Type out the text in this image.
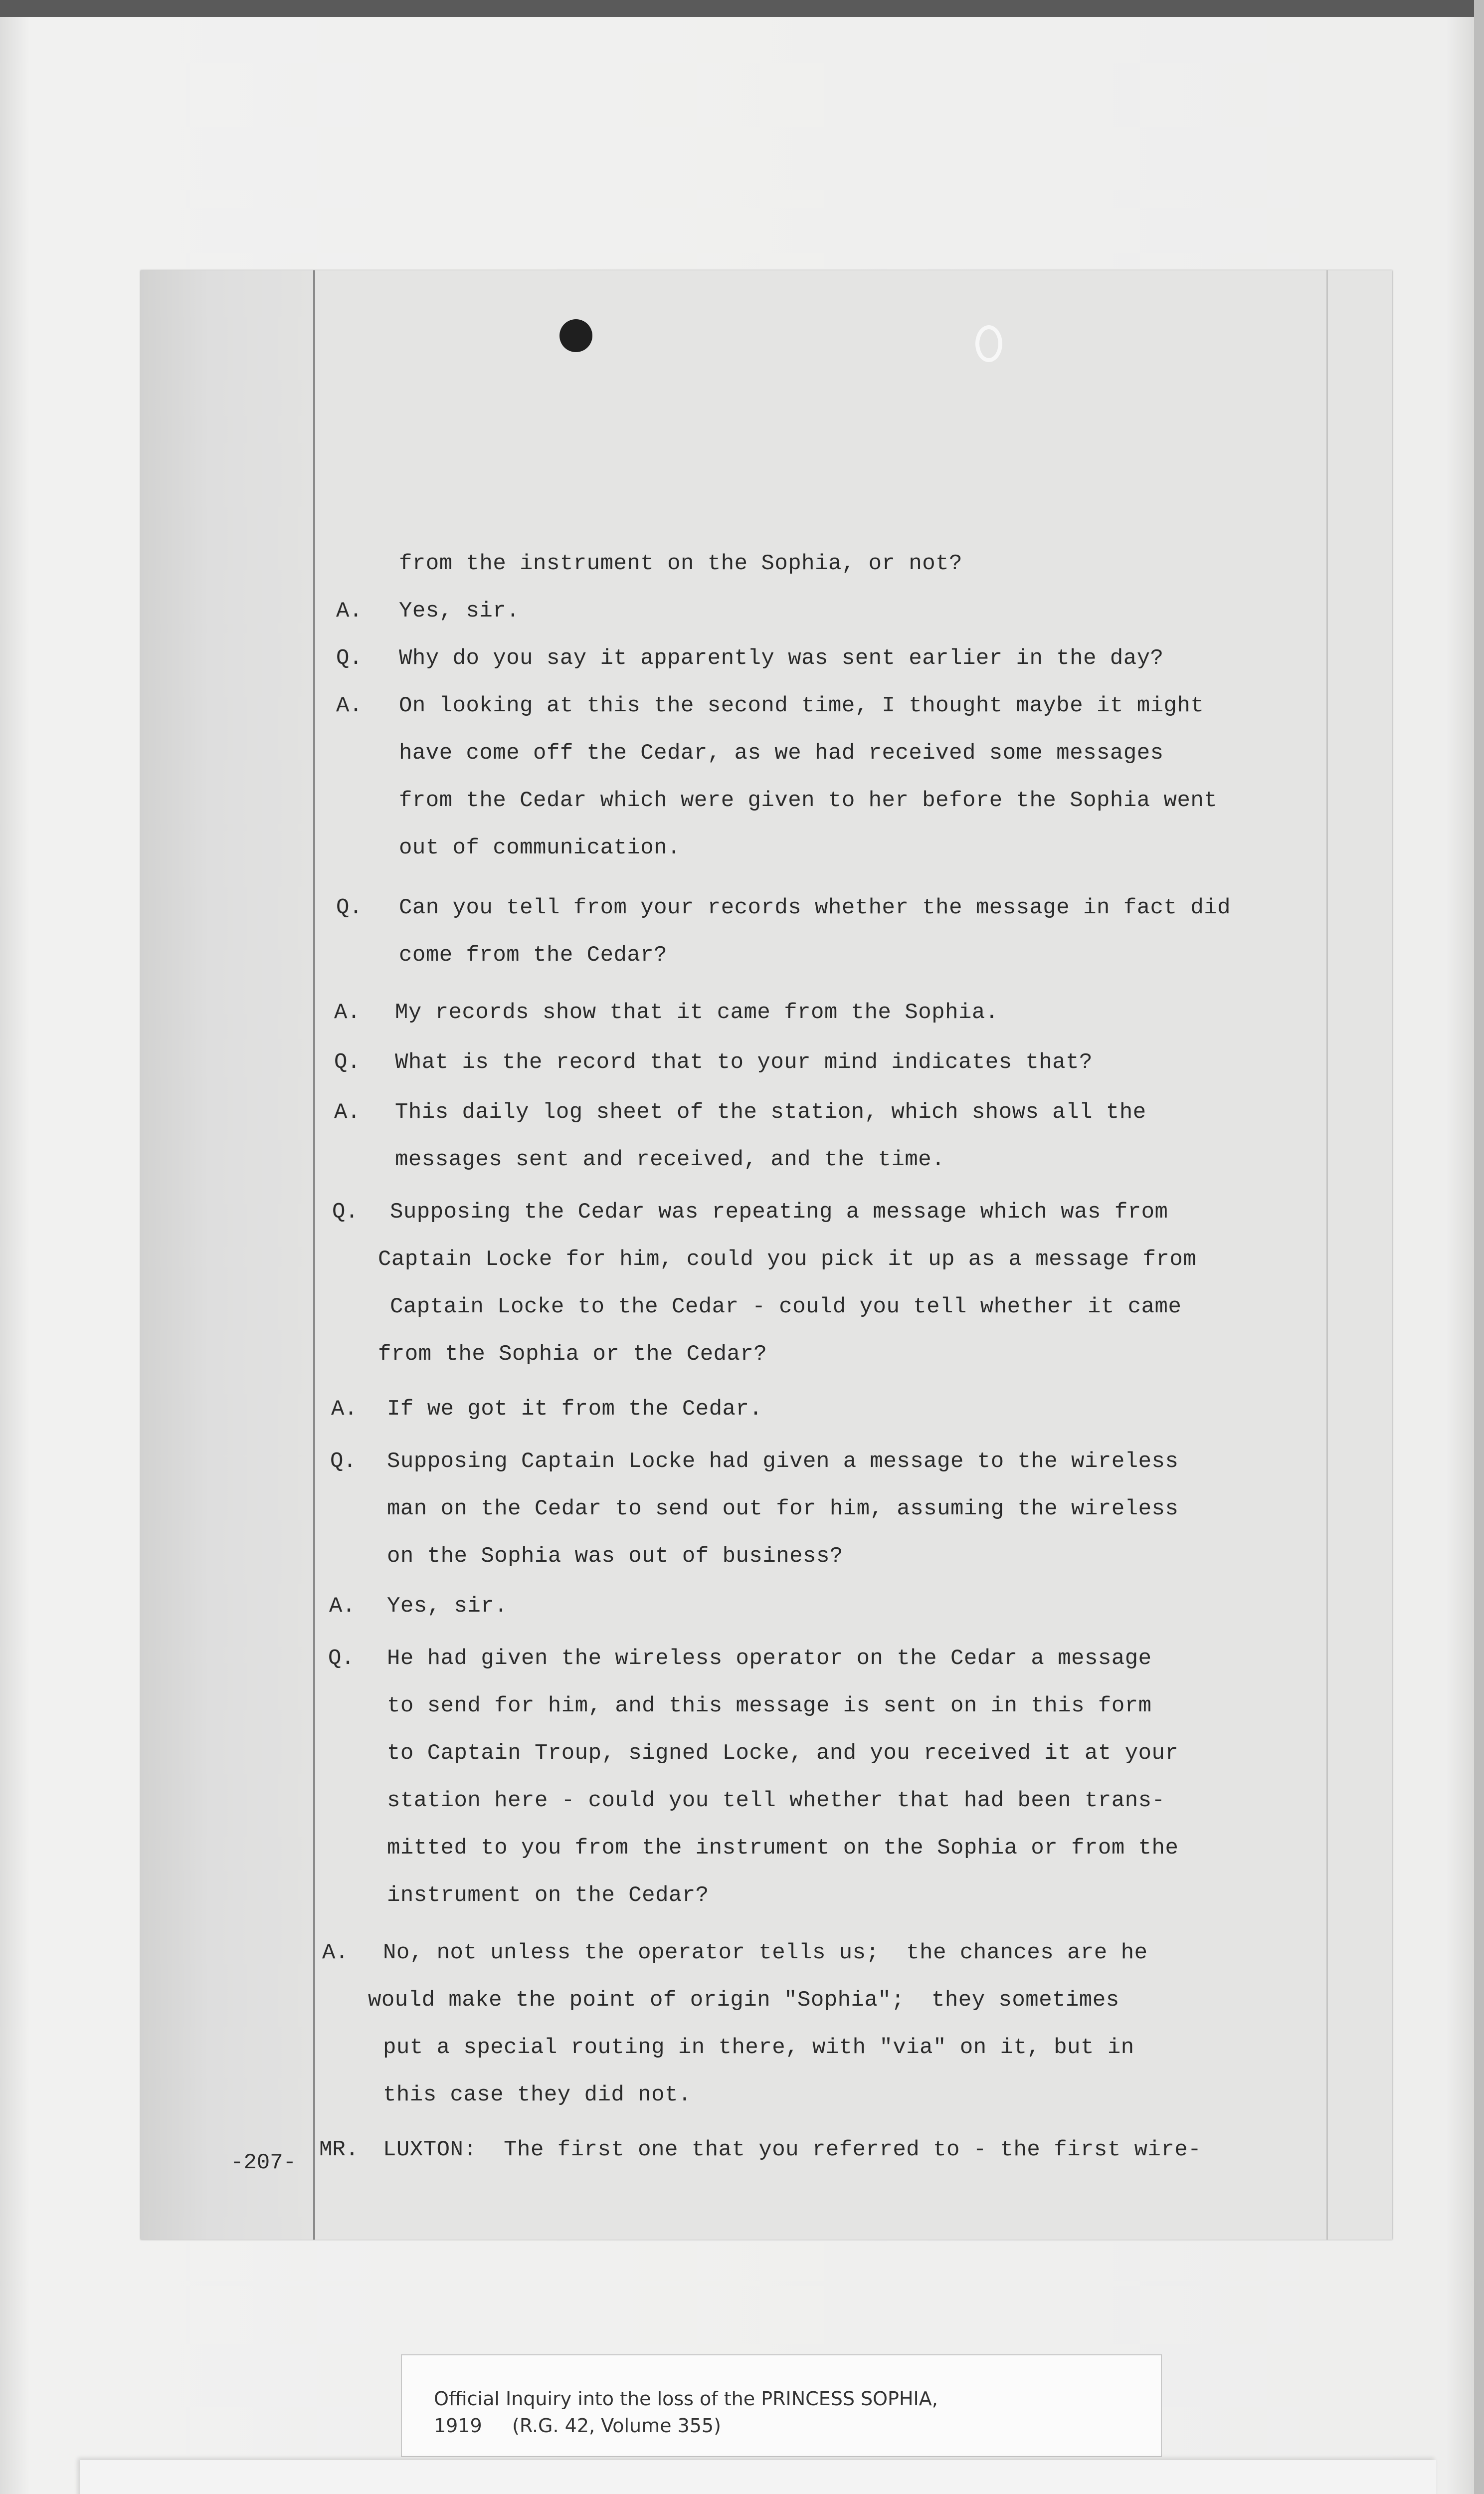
from the instrument on the Sophia, or not?
A. Yes, sir.
Q. Why do you say it apparently was sent earlier in the day?
A. On looking at this the second time, I thought maybe it might
have come off the Cedar, as we had received some messages
from the Cedar which were given to her before the Sophia went
out of communication.
Q. Can you tell from your records whether the message in fact did
come from the Cedar?
A. My records show that it came from the Sophia.
Q. What is the record that to your mind indicates that?
A. This daily log sheet of the station, which shows all the
messages sent and received, and the time.
Q. Supposing the Cedar was repeating a message which was from
Captain Locke for him, could you pick it up as a message from
Captain Locke to the Cedar - could you tell whether it came
from the Sophia or the Cedar?
A. If we got it from the Cedar.
Q. Supposing Captain Locke had given a message to the wireless
man on the Cedar to send out for him, assuming the wireless
on the Sophia was out of business?
A. Yes, sir.
Q. He had given the wireless operator on the Cedar a message
to send for him, and this message is sent on in this form
to Captain Troup, signed Locke, and you received it at your
station here - could you tell whether that had been trans-
mitted to you from the instrument on the Sophia or from the
instrument on the Cedar?
A. No, not unless the operator tells us;  the chances are he
would make the point of origin "Sophia";  they sometimes
put a special routing in there, with "via" on it, but in
this case they did not.
MR. LUXTON:  The first one that you referred to - the first wire-
-207-
Official Inquiry into the loss of the PRINCESS SOPHIA,
1919     (R.G. 42, Volume 355)
